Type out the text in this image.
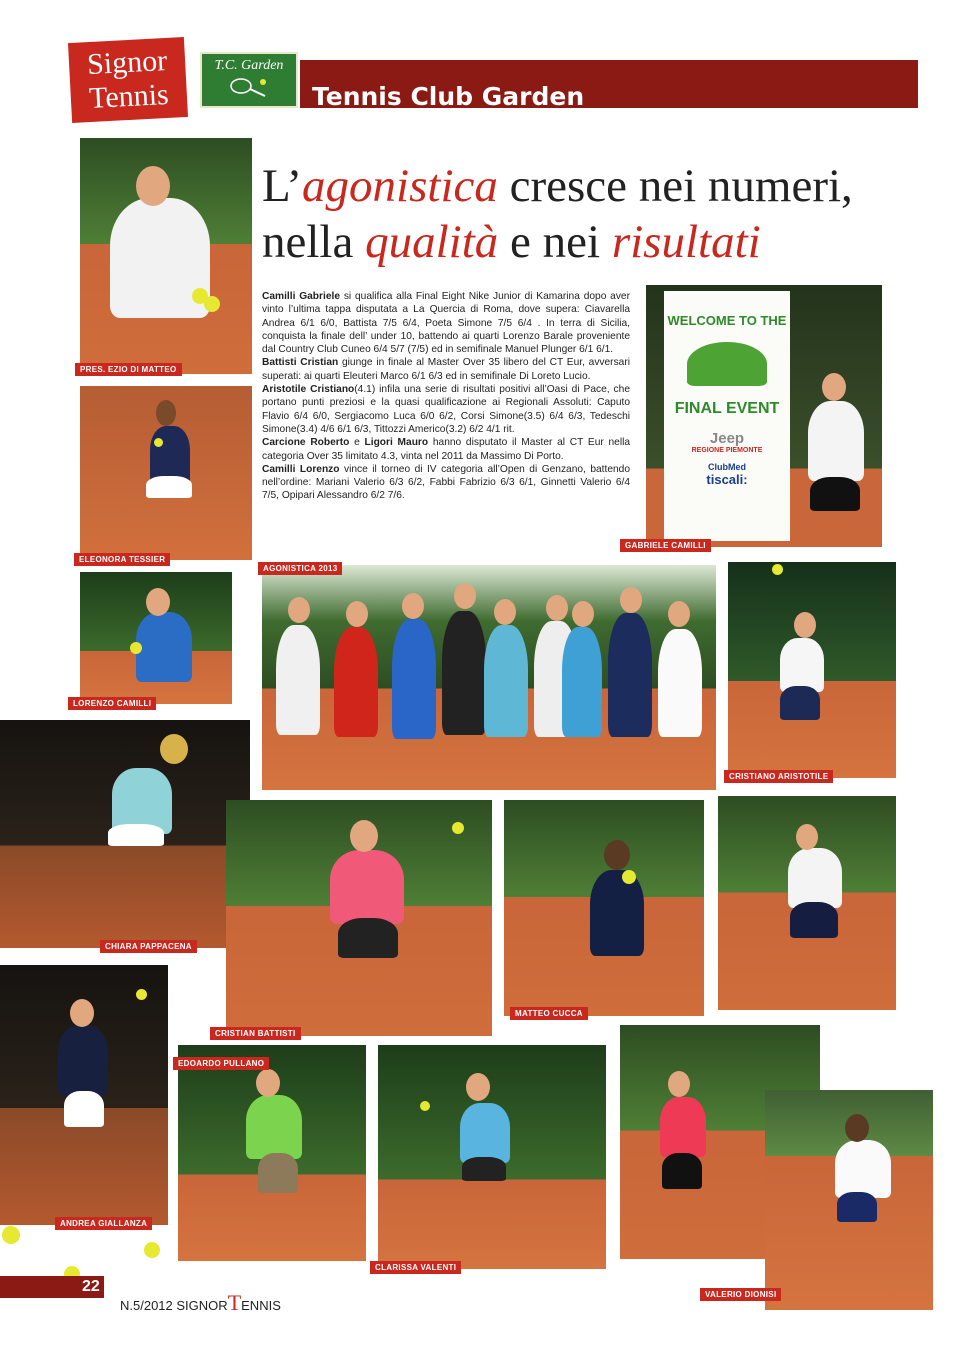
Signor
Tennis
T.C. Garden
Tennis Club Garden
L’agonistica cresce nei numeri, nella qualità e nei risultati
Camilli Gabriele si qualifica alla Final Eight Nike Junior di Kamarina dopo aver vinto l’ultima tappa disputata a La Quercia di Roma, dove supera: Ciavarella Andrea 6/1 6/0, Battista 7/5 6/4, Poeta Simone 7/5 6/4 . In terra di Sicilia, conquista la finale dell’ under 10, battendo ai quarti Lorenzo Barale proveniente dal Country Club Cuneo 6/4 5/7 (7/5) ed in semifinale Manuel Plunger 6/1 6/1.
Battisti Cristian giunge in finale al Master Over 35 libero del CT Eur, avversari superati: ai quarti Eleuteri Marco 6/1 6/3 ed in semifinale Di Loreto Lucio.
Aristotile Cristiano(4.1) infila una serie di risultati positivi all’Oasi di Pace, che portano punti preziosi e la quasi qualificazione ai Regionali Assoluti: Caputo Flavio 6/4 6/0, Sergiacomo Luca 6/0 6/2, Corsi Simone(3.5) 6/4 6/3, Tedeschi Simone(3.4) 4/6 6/1 6/3, Tittozzi Americo(3.2) 6/2 4/1 rit.
Carcione Roberto e Ligori Mauro hanno disputato il Master al CT Eur nella categoria Over 35 limitato 4.3, vinta nel 2011 da Massimo Di Porto.
Camilli Lorenzo vince il torneo di IV categoria all’Open di Genzano, battendo nell’ordine: Mariani Valerio 6/3 6/2, Fabbi Fabrizio 6/3 6/1, Ginnetti Valerio 6/4 7/5, Opipari Alessandro 6/2 7/6.
PRES. EZIO DI MATTEO
ELEONORA TESSIER
LORENZO CAMILLI
WELCOME TO THE
FINAL EVENT
Jeep
REGIONE PIEMONTE
ClubMed
tiscali:
GABRIELE CAMILLI
AGONISTICA 2013
CRISTIANO ARISTOTILE
CHIARA PAPPACENA
CRISTIAN BATTISTI
MATTEO CUCCA
ANDREA GIALLANZA
EDOARDO PULLANO
CLARISSA VALENTI
VALERIO DIONISI
22
N.5/2012 SIGNORTENNIS
